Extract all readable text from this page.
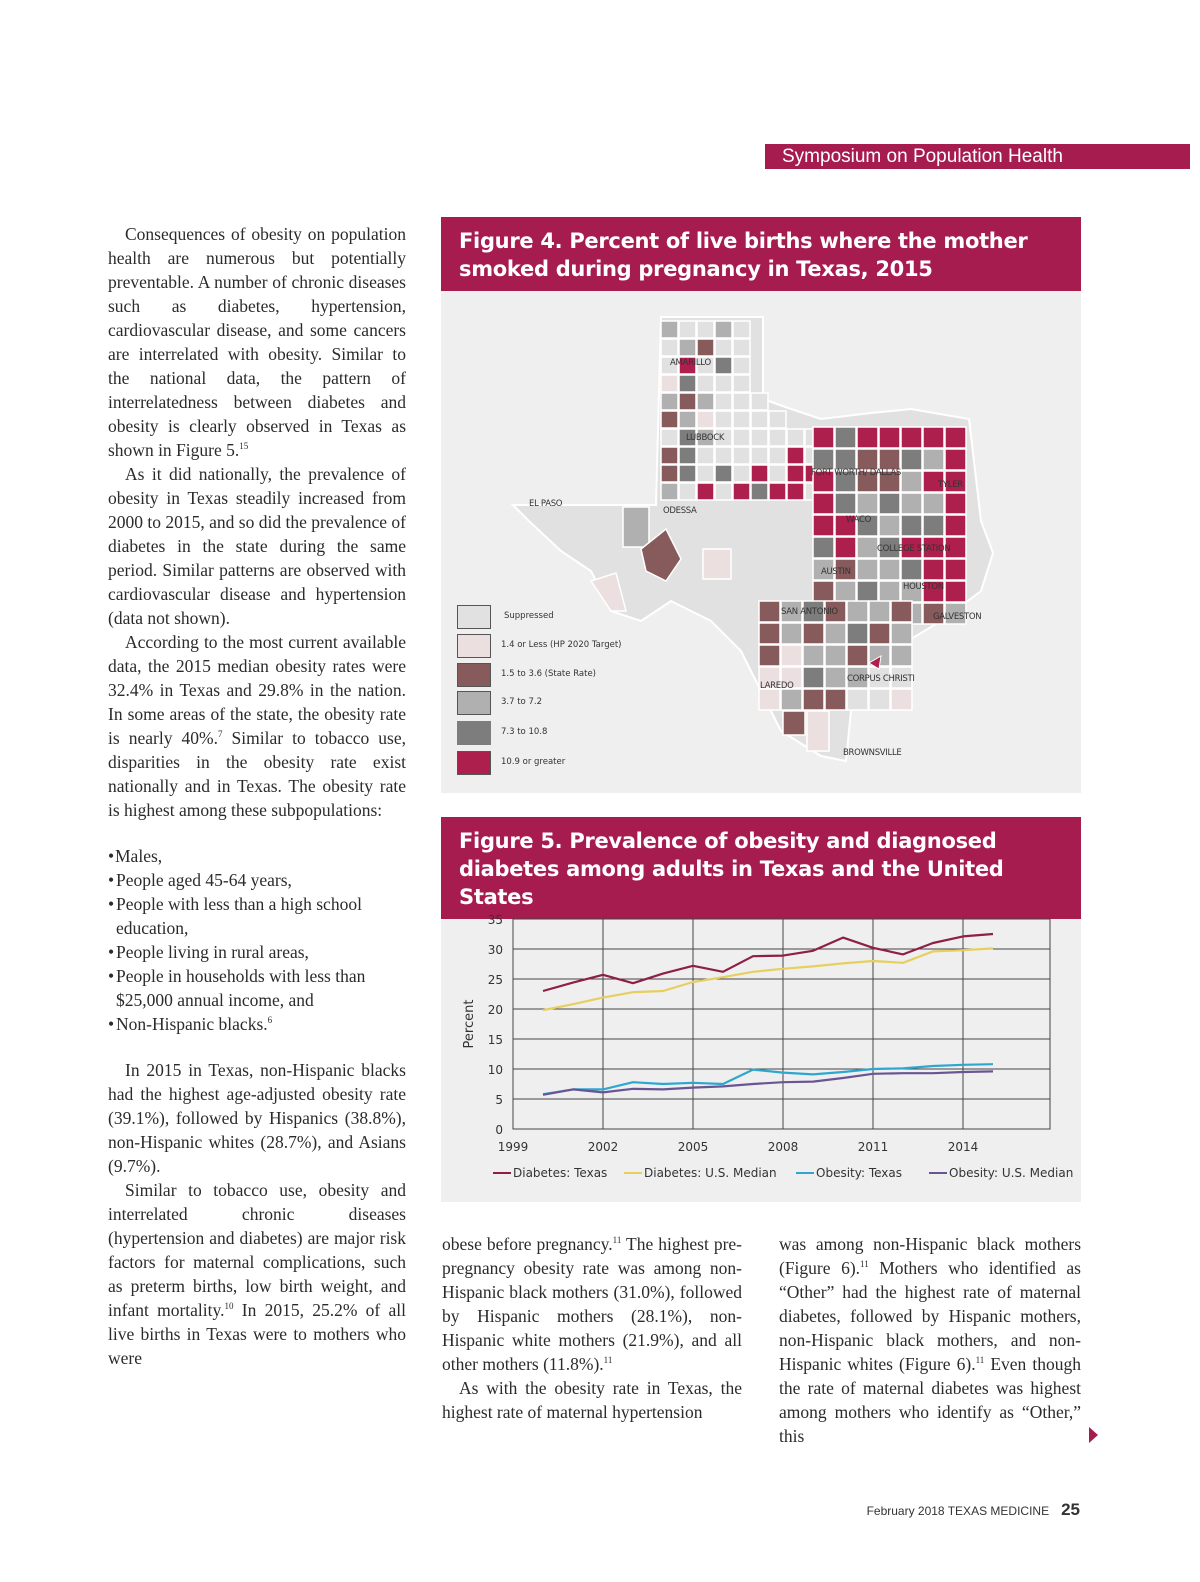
Symposium on Population Health

Consequences of obesity on population health are numerous but potentially preventable. A number of chronic diseases such as diabetes, hypertension, cardiovascular disease, and some cancers are interrelated with obesity. Similar to the national data, the pattern of interrelatedness between diabetes and obesity is clearly observed in Texas as shown in Figure 5.15

As it did nationally, the prevalence of obesity in Texas steadily increased from 2000 to 2015, and so did the prevalence of diabetes in the state during the same period. Similar patterns are observed with cardiovascular disease and hypertension (data not shown).

According to the most current available data, the 2015 median obesity rates were 32.4% in Texas and 29.8% in the nation. In some areas of the state, the obesity rate is nearly 40%.$^7$ Similar to tobacco use, disparities in the obesity rate exist nationally and in Texas. The obesity rate is highest among these subpopulations:

• Males,
• People aged 45-64 years,
• People with less than a high school education,
• People living in rural areas,
• People in households with less than $25,000 annual income, and
• Non-Hispanic blacks.$^6$

In 2015 in Texas, non-Hispanic blacks had the highest age-adjusted obesity rate (39.1%), followed by Hispanics (38.8%), non-Hispanic whites (28.7%), and Asians (9.7%).

Similar to tobacco use, obesity and interrelated chronic diseases (hypertension and diabetes) are major risk factors for maternal complications, such as preterm births, low birth weight, and infant mortality.$^{10}$ In 2015, 25.2% of all live births in Texas were to mothers who were

Figure 4. Percent of live births where the mother smoked during pregnancy in Texas, 2015
Suppressed
1.4 or Less (HP 2020 Target)
1.5 to 3.6 (State Rate)
3.7 to 7.2
7.3 to 10.8
10.9 or greater
AMARILLO
LUBBOCK
FORT WORTH/ DALLAS
TYLER
EL PASO
ODESSA
WACO
COLLEGE STATION
AUSTIN
HOUSTON
SAN ANTONIO	GALVESTON
LAREDO
CORPUS CHRISTI
BROWNSVILLE
Figure 5. Prevalence of obesity and diagnosed diabetes among adults in Texas and the United States
0
5
10
15
20
25
30
35
1999	2002	2005	2008	2011	2014
Percent
Diabetes: Texas	Diabetes: U.S. Median	Obesity: Texas	Obesity: U.S. Median

obese before pregnancy.$^{11}$ The highest pre-pregnancy obesity rate was among non-Hispanic black mothers (31.0%), followed by Hispanic mothers (28.1%), non-Hispanic white mothers (21.9%), and all other mothers (11.8%).$^{11}$

As with the obesity rate in Texas, the highest rate of maternal hypertension

was among non-Hispanic black mothers (Figure 6).$^{11}$ Mothers who identified as “Other” had the highest rate of maternal diabetes, followed by Hispanic mothers, non-Hispanic black mothers, and non-Hispanic whites (Figure 6).$^{11}$ Even though the rate of maternal diabetes was highest among mothers who identify as “Other,” this

February 2018 TEXAS MEDICINE 25
